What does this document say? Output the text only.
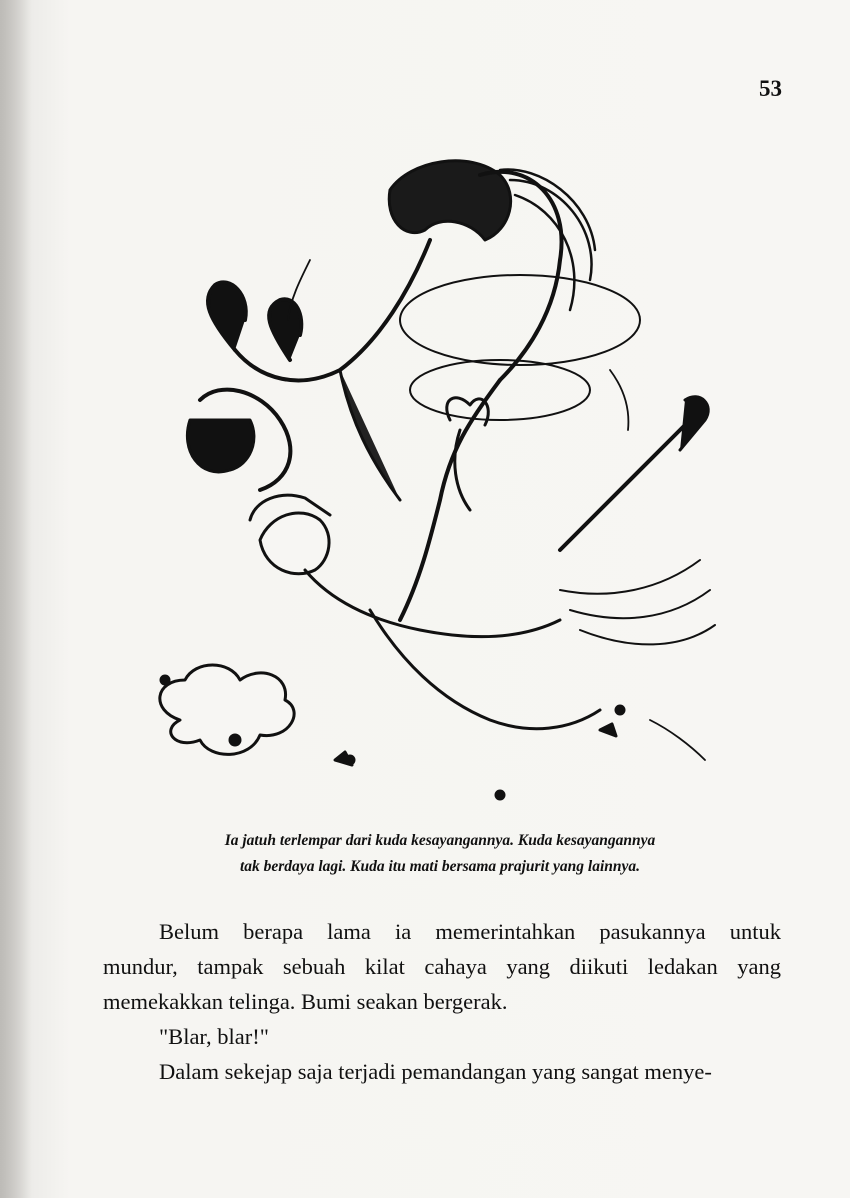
53
Ia jatuh terlempar dari kuda kesayangannya. Kuda kesayangannya
tak berdaya lagi. Kuda itu mati bersama prajurit yang lainnya.

Belum berapa lama ia memerintahkan pasukannya untuk
mundur, tampak sebuah kilat cahaya yang diikuti ledakan yang
memekakkan telinga. Bumi seakan bergerak.

"Blar, blar!"

Dalam sekejap saja terjadi pemandangan yang sangat menye-
